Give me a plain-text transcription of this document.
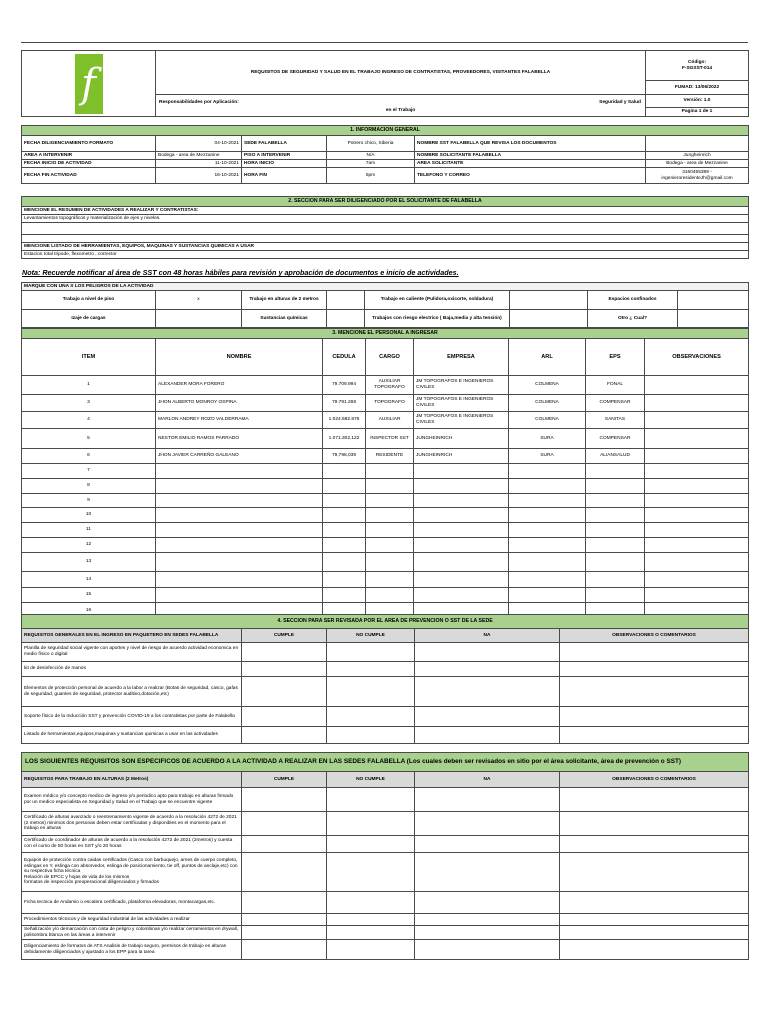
f	REQUISITOS DE SEGURIDAD Y SALUD EN EL TRABAJO INGRESO DE CONTRATISTAS, PROVEEDORES, VISITANTES FALABELLA	Código:
F-SGSST-014
		FUMAD: 13/06/2022

	Responsabilidades por Aplicación: Seguridad y Salud
en el Trabajo	Versión: 1.0
		Pagina 1 de 1
1. INFORMACION GENERAL					
FECHA DILIGENCIAMIENTO FORMATO	04-10-2021	SEDE FALABELLA	Potrero chico, Siberia	NOMBRE SST FALABELLA QUE REVISA LOS DOCUMENTOS	
AREA A INTERVENIR	Bodega - area de Mezzanine	PISO A INTERVENIR	N/A	NOMBRE SOLICITANTE FALABELLA	Jungheinrich
FECHA INICIO DE ACTIVIDAD	11-10-2021	HORA INICIO	7am	AREA SOLICITANTE	Bodega - area de Mezzanine
FECHA FIN ACTIVIDAD	16-10-2021	HORA FIN	5pm	TELEFONO Y CORREO	3160455389 - ingenieroresidenteJh@gmail.com
2. SECCION PARA SER DILIGENCIADO POR EL SOLICITANTE DE FALABELLA
MENCIONE EL RESUMEN DE ACTIVIDADES A REALIZAR Y CONTRATISTAS:
Levantamientos topográficos y materialización de ejes y niveles.

MENCIONE LISTADO DE HERRAMIENTAS, EQUIPOS, MAQUINAS Y SUSTANCIAS QUIMICAS A USAR
Estacion total tripode, flexometro , corrector
Nota: Recuerde notificar al área de SST con 48 horas hábiles para revisión y aprobación de documentos e inicio de actividades.
MARQUE CON UNA X LOS PELIGROS DE LA ACTIVIDAD							
Trabajo a nivel de piso	x	Trabajo en alturas de 2 metros		Trabajo en caliente (Pulidora,oxicorte, soldadura)		Espacios confinados	
Izaje de cargas		Sustancias químicas		Trabajos con riesgo electrico ( Baja,media y alta tensión)		Otro ¿ Cual?	
3. MENCIONE EL PERSONAL A INGRESAR							
ITEM	NOMBRE	CEDULA	CARGO	EMPRESA	ARL	EPS	OBSERVACIONES
1	ALEXANDER MORA FORERO	79.709.994	AUXILIAR TOPOGRAFO	JM TOPOGRAFOS E INGENIEROS CIVILES	COLMENA	FONAL	
3	JHON ALBERTO MONROY OSPINA	79.791.269	TOPOGRAFO	JM TOPOGRAFOS E INGENIEROS CIVILES	COLMENA	COMPENSAR	
4	MARLON ANDREY ROZO VALDERRAMA	1.024.582.876	AUXILIAR	JM TOPOGRAFOS E INGENIEROS CIVILES	COLMENA	SANITAS	
5	NESTOR EMILIO RAMOS PARRADO	1.071.302.122	INSPECTOR SST	JUNGHEINRICH	SURA	COMPENSAR	
6	JHON JAVIER CARREÑO GALEANO	79,798,039	RESIDENTE	JUNGHEINRICH	SURA	ALIANSALUD	
7							
8							
9							
10							
11							
12							
13							
14							
15							
16							
4. SECCION PARA SER REVISADA POR EL AREA DE PREVENCION O SST DE LA SEDE				
REQUISITOS GENERALES EN EL INGRESO EN PAQUETERO EN SEDES FALABELLA	CUMPLE	NO CUMPLE	NA	OBSERVACIONES O COMENTARIOS
Planilla de seguridad social vigente con aportes y nivel de riesgo de acuerdo actividad economica en medio físico o digital				
kit de desinfección de manos				
Elementos de protección personal de acuerdo a la labor a realizar (Botas de seguridad, casco, gafas de seguridad, guantes de seguridad, protector auditivo,dotación,etc)				
Soporte físico de la Inducción SST y prevención COVID-19 a los contratistas por parte de Falabella				
Listado de herramientas,equipos,maquinas y sustancias quimicas a usar en las actividades				
LOS SIGUIENTES REQUISITOS SON ESPECIFICOS DE ACUERDO A LA ACTIVIDAD A REALIZAR EN LAS SEDES FALABELLA (Los cuales deben ser revisados en sitio por el área solicitante, área de prevención o SST)				
REQUISITOS PARA TRABAJO EN ALTURAS (2 Metros)	CUMPLE	NO CUMPLE	NA	OBSERVACIONES O COMENTARIOS
Examen médico y/o concepto medico de ingreso y/o periodico apto para trabajo en alturas firmado por un medico especialista en Seguridad y Salud en el Trabajo que se encuentre vigente				
Certificado de alturas avanzado o reentrenamiento vigente de acuerdo a la resolución 4272 de 2021 (2 metros) minimos dos personas deben estar certificadas y disponibles en el momento para el trabajo en alturas				
Certificado de coordinador de alturas de acuerdo a la resolución 4272 de 2021 (2metros) y cuenta con el curso de 50 horas en SST y/o 20 horas				
Equipos de protección contra caidas certificados (Casco con barbuquejo, arnes de cuerpo completo, eslingas en Y, eslinga con absorvedor, eslinga de posicionamiento, tie off, puntos de anclaje,etc) con su respectiva ficha técnica
Relación de EPCC y hojas de vida de los mismos
formatos de inspección preoperacional diligenciados y firmados				
Ficha tecnica de Andamio o escalera certificado, plataforma elevadoras, montacargas,etc.				
Procedimientos técnicos y de seguridad industrial de las actividades a realizar				
Señalización y/o demarcación con cinta de peligro y colombinas y/o realizar cerramientos en drywall, polisombra blanca en las áreas a intervenir				
Diligenciamiento de formatos de ATS Analisis de trabajo seguro, permisos de trabajo en alturas debidamente diligenciados y ajustado a los EPP para la tarea				
